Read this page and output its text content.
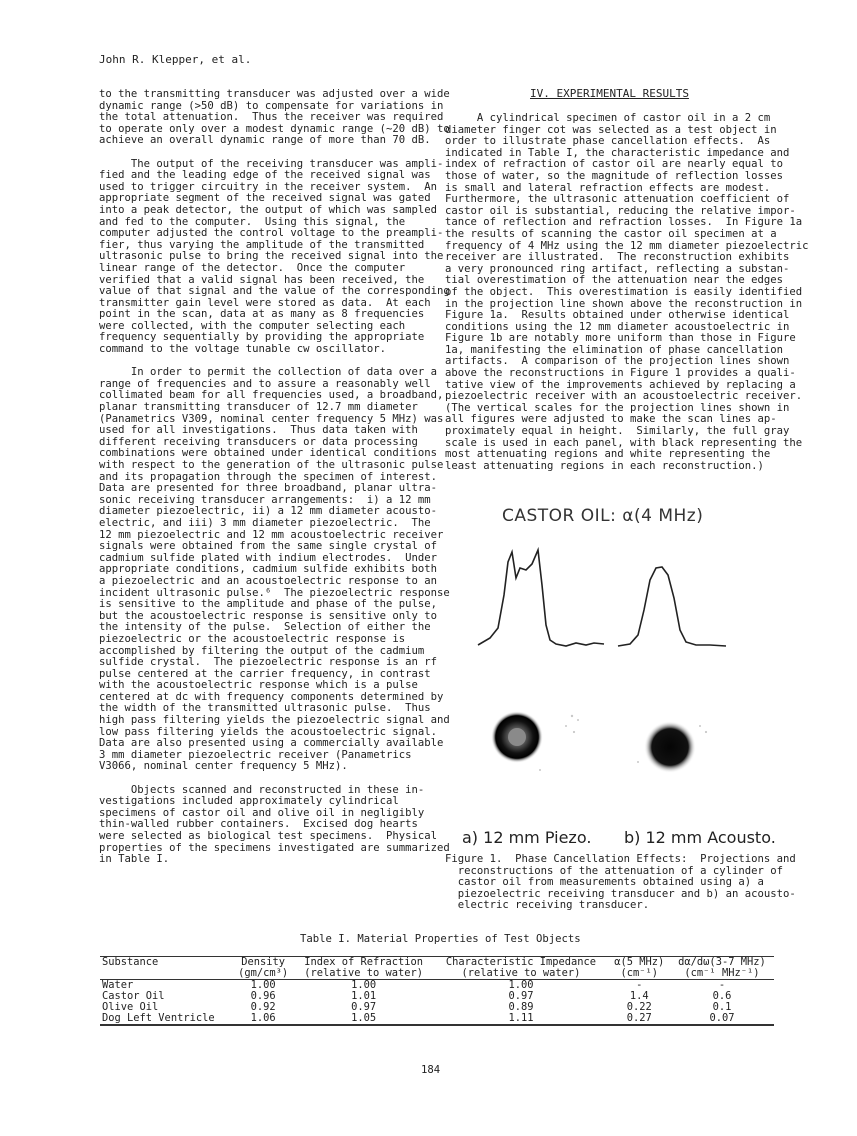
John R. Klepper, et al.

to the transmitting transducer was adjusted over a wide

dynamic range (>50 dB) to compensate for variations in

the total attenuation.  Thus the receiver was required

to operate only over a modest dynamic range (~20 dB) to

achieve an overall dynamic range of more than 70 dB.

The output of the receiving transducer was ampli-

fied and the leading edge of the received signal was

used to trigger circuitry in the receiver system.  An

appropriate segment of the received signal was gated

into a peak detector, the output of which was sampled

and fed to the computer.  Using this signal, the

computer adjusted the control voltage to the preampli-

fier, thus varying the amplitude of the transmitted

ultrasonic pulse to bring the received signal into the

linear range of the detector.  Once the computer

verified that a valid signal has been received, the

value of that signal and the value of the corresponding

transmitter gain level were stored as data.  At each

point in the scan, data at as many as 8 frequencies

were collected, with the computer selecting each

frequency sequentially by providing the appropriate

command to the voltage tunable cw oscillator.

In order to permit the collection of data over a

range of frequencies and to assure a reasonably well

collimated beam for all frequencies used, a broadband,

planar transmitting transducer of 12.7 mm diameter

(Panametrics V309, nominal center frequency 5 MHz) was

used for all investigations.  Thus data taken with

different receiving transducers or data processing

combinations were obtained under identical conditions

with respect to the generation of the ultrasonic pulse

and its propagation through the specimen of interest.

Data are presented for three broadband, planar ultra-

sonic receiving transducer arrangements:  i) a 12 mm

diameter piezoelectric, ii) a 12 mm diameter acousto-

electric, and iii) 3 mm diameter piezoelectric.  The

12 mm piezoelectric and 12 mm acoustoelectric receiver

signals were obtained from the same single crystal of

cadmium sulfide plated with indium electrodes.  Under

appropriate conditions, cadmium sulfide exhibits both

a piezoelectric and an acoustoelectric response to an

incident ultrasonic pulse.⁶  The piezoelectric response

is sensitive to the amplitude and phase of the pulse,

but the acoustoelectric response is sensitive only to

the intensity of the pulse.  Selection of either the

piezoelectric or the acoustoelectric response is

accomplished by filtering the output of the cadmium

sulfide crystal.  The piezoelectric response is an rf

pulse centered at the carrier frequency, in contrast

with the acoustoelectric response which is a pulse

centered at dc with frequency components determined by

the width of the transmitted ultrasonic pulse.  Thus

high pass filtering yields the piezoelectric signal and

low pass filtering yields the acoustoelectric signal.

Data are also presented using a commercially available

3 mm diameter piezoelectric receiver (Panametrics

V3066, nominal center frequency 5 MHz).

Objects scanned and reconstructed in these in-

vestigations included approximately cylindrical

specimens of castor oil and olive oil in negligibly

thin-walled rubber containers.  Excised dog hearts

were selected as biological test specimens.  Physical

properties of the specimens investigated are summarized

in Table I.

IV. EXPERIMENTAL RESULTS

A cylindrical specimen of castor oil in a 2 cm

diameter finger cot was selected as a test object in

order to illustrate phase cancellation effects.  As

indicated in Table I, the characteristic impedance and

index of refraction of castor oil are nearly equal to

those of water, so the magnitude of reflection losses

is small and lateral refraction effects are modest.

Furthermore, the ultrasonic attenuation coefficient of

castor oil is substantial, reducing the relative impor-

tance of reflection and refraction losses.  In Figure 1a

the results of scanning the castor oil specimen at a

frequency of 4 MHz using the 12 mm diameter piezoelectric

receiver are illustrated.  The reconstruction exhibits

a very pronounced ring artifact, reflecting a substan-

tial overestimation of the attenuation near the edges

of the object.  This overestimation is easily identified

in the projection line shown above the reconstruction in

Figure 1a.  Results obtained under otherwise identical

conditions using the 12 mm diameter acoustoelectric in

Figure 1b are notably more uniform than those in Figure

1a, manifesting the elimination of phase cancellation

artifacts.  A comparison of the projection lines shown

above the reconstructions in Figure 1 provides a quali-

tative view of the improvements achieved by replacing a

piezoelectric receiver with an acoustoelectric receiver.

(The vertical scales for the projection lines shown in

all figures were adjusted to make the scan lines ap-

proximately equal in height.  Similarly, the full gray

scale is used in each panel, with black representing the

most attenuating regions and white representing the

least attenuating regions in each reconstruction.)

CASTOR OIL: α(4 MHz)
a) 12 mm Piezo. b) 12 mm Acousto.

Figure 1.  Phase Cancellation Effects:  Projections and

reconstructions of the attenuation of a cylinder of

castor oil from measurements obtained using a) a

piezoelectric receiving transducer and b) an acousto-

electric receiving transducer.

Table I. Material Properties of Test Objects
Substance	Density	Index of Refraction	Characteristic Impedance	α(5 MHz)	dα/dω(3-7 MHz)
	(gm/cm³)	(relative to water)	(relative to water)	(cm⁻¹)	(cm⁻¹ MHz⁻¹)
Water	1.00	1.00	1.00	-	-
Castor Oil	0.96	1.01	0.97	1.4	0.6
Olive Oil	0.92	0.97	0.89	0.22	0.1
Dog Left Ventricle	1.06	1.05	1.11	0.27	0.07
184
